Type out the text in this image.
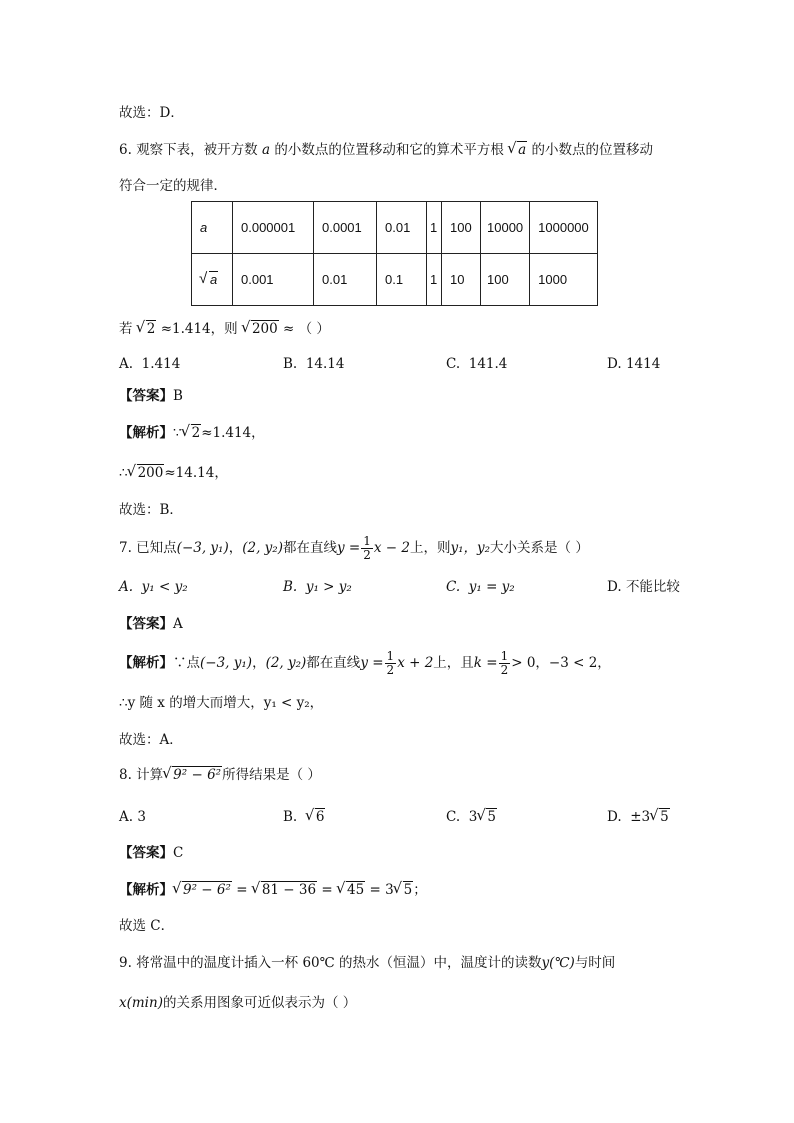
故选：D．
6. 观察下表，被开方数 a 的小数点的位置移动和它的算术平方根 √ a 的小数点的位置移动
符合一定的规律．
a	0.000001	0.0001	0.01	1	100	10000	1000000
√ a	0.001	0.01	0.1	1	10	100	1000
若 √ 2 ≈1.414，则 √ 200 ≈ （ ）
A. 1.414	B. 14.14	C. 141.4	D. 1414
【答案】B
【解析】∵ √ 2≈1.414，
∴ √ 200≈14.14，
故选：B．
7. 已知点(−3, y₁)，(2, y₂)都在直线$y = \frac{1}{2}$ x − 2上，则y₁，y₂大小关系是（ ）
A. y₁ < y₂	B. y₁ > y₂	C. y₁ = y₂	D. 不能比较
【答案】A
【解析】∵点(−3, y₁)，(2, y₂)都在直线$y = \frac{1}{2}$ x + 2上，且$k = \frac{1}{2} > 0$，−3 < 2，
∴y 随 x 的增大而增大，y₁ < y₂，
故选：A．
8. 计算 √ 9² − 6²所得结果是（ ）
A. 3	B. √ 6	C. 3 √ 5	D. ±3 √ 5
【答案】C
【解析】 √ 9² − 6² = √ 81 − 36 = √ 45 = 3 √ 5；
故选 C．
9. 将常温中的温度计插入一杯 60℃ 的热水（恒温）中，温度计的读数y(℃)与时间
x(min)的关系用图象可近似表示为（ ）
